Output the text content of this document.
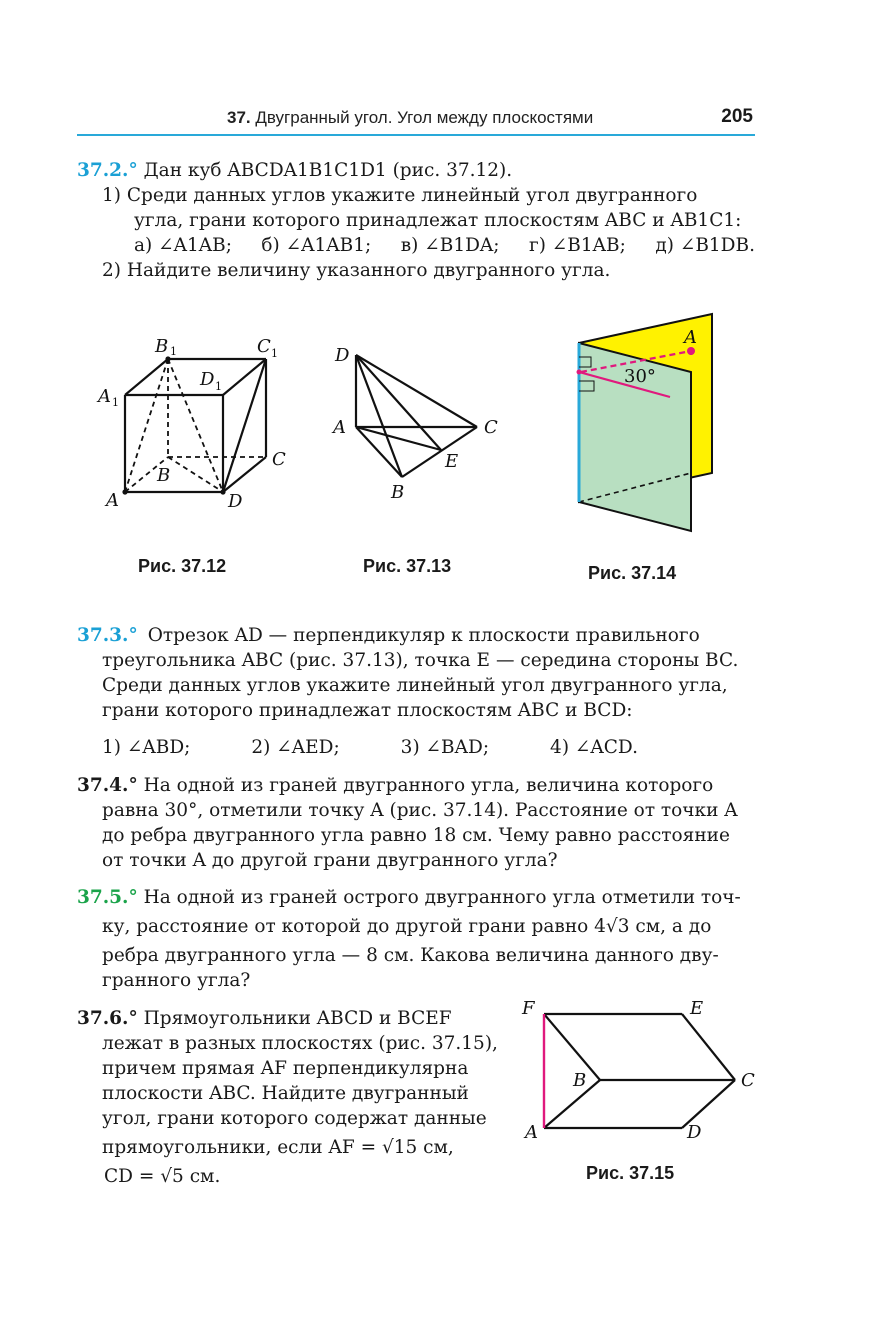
37. Двугранный угол. Угол между плоскостями	205
37.2.° Дан куб ABCDA1B1C1D1 (рис. 37.12).
1) Среди данных углов укажите линейный угол двугранного
угла, грани которого принадлежат плоскостям ABC и AB1C1:
а) ∠A1AB; б) ∠A1AB1; в) ∠B1DA; г) ∠B1AB; д) ∠B1DB.
2) Найдите величину указанного двугранного угла.
B 1	C 1
D 1
A 1
C
B
A	D
Рис. 37.12
D
A	C
E
B
Рис. 37.13
A
30°
Рис. 37.14
37.3.° Отрезок AD — перпендикуляр к плоскости правильного
треугольника ABC (рис. 37.13), точка E — середина стороны BC.
Среди данных углов укажите линейный угол двугранного угла,
грани которого принадлежат плоскостям ABC и BCD:
1) ∠ABD;	2) ∠AED;	3) ∠BAD;	4) ∠ACD.
37.4.° На одной из граней двугранного угла, величина которого
равна 30°, отметили точку A (рис. 37.14). Расстояние от точки A
до ребра двугранного угла равно 18 см. Чему равно расстояние
от точки A до другой грани двугранного угла?
37.5.° На одной из граней острого двугранного угла отметили точ-
ку, расстояние от которой до другой грани равно 4√3 см, а до
ребра двугранного угла — 8 см. Какова величина данного дву-
гранного угла?
37.6.° Прямоугольники ABCD и BCEF
лежат в разных плоскостях (рис. 37.15),
причем прямая AF перпендикулярна
плоскости ABC. Найдите двугранный
угол, грани которого содержат данные
прямоугольники, если AF = √15 см,
CD = √5 см.
F	E
B	C
A	D
Рис. 37.15
